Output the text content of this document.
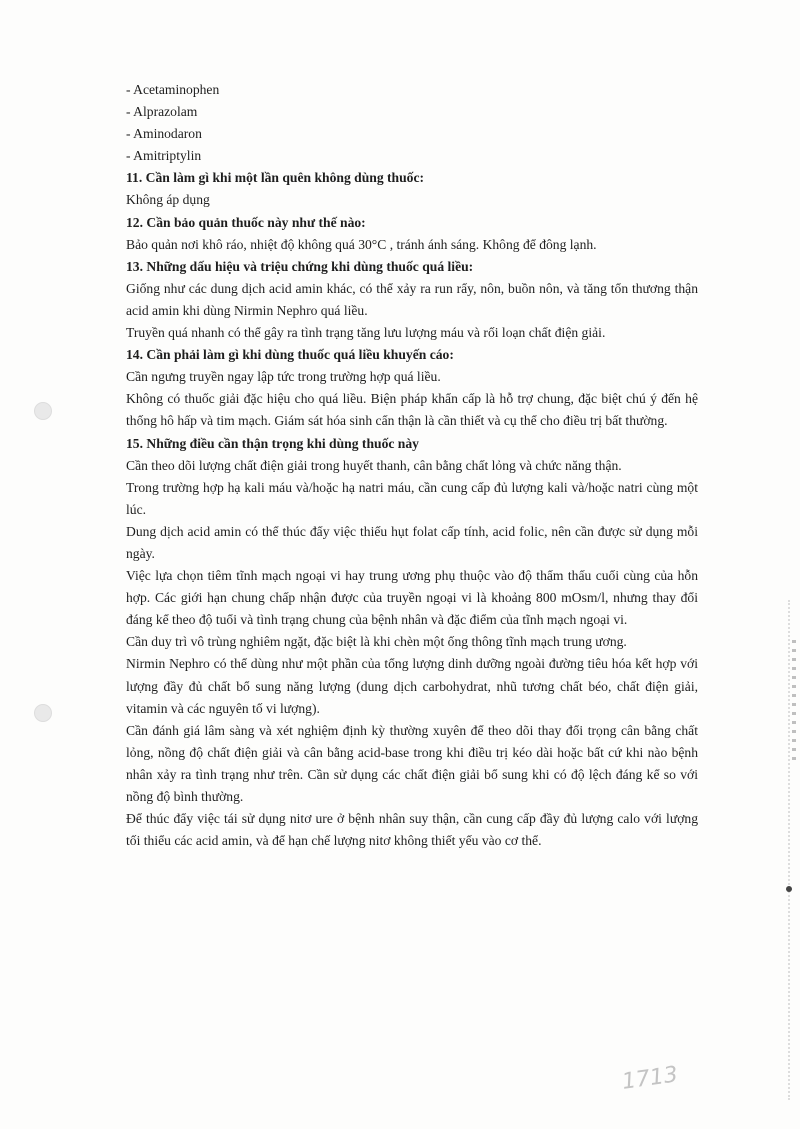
1713
- Acetaminophen
- Alprazolam
- Aminodaron
- Amitriptylin
11. Cần làm gì khi một lần quên không dùng thuốc:
Không áp dụng
12. Cần bảo quản thuốc này như thế nào:
Bảo quản nơi khô ráo, nhiệt độ không quá 30°C , tránh ánh sáng. Không để đông lạnh.
13. Những dấu hiệu và triệu chứng khi dùng thuốc quá liều:
Giống như các dung dịch acid amin khác, có thể xảy ra run rẩy, nôn, buồn nôn, và tăng tổn thương thận acid amin khi dùng Nirmin Nephro quá liều.
Truyền quá nhanh có thể gây ra tình trạng tăng lưu lượng máu và rối loạn chất điện giải.
14. Cần phải làm gì khi dùng thuốc quá liều khuyến cáo:
Cần ngưng truyền ngay lập tức trong trường hợp quá liều.
Không có thuốc giải đặc hiệu cho quá liều. Biện pháp khẩn cấp là hỗ trợ chung, đặc biệt chú ý đến hệ thống hô hấp và tim mạch. Giám sát hóa sinh cẩn thận là cần thiết và cụ thể cho điều trị bất thường.
15. Những điều cần thận trọng khi dùng thuốc này
Cần theo dõi lượng chất điện giải trong huyết thanh, cân bằng chất lỏng và chức năng thận.
Trong trường hợp hạ kali máu và/hoặc hạ natri máu, cần cung cấp đủ lượng kali và/hoặc natri cùng một lúc.
Dung dịch acid amin có thể thúc đẩy việc thiếu hụt folat cấp tính, acid folic, nên cần được sử dụng mỗi ngày.
Việc lựa chọn tiêm tĩnh mạch ngoại vi hay trung ương phụ thuộc vào độ thẩm thấu cuối cùng của hỗn hợp. Các giới hạn chung chấp nhận được của truyền ngoại vi là khoảng 800 mOsm/l, nhưng thay đổi đáng kể theo độ tuổi và tình trạng chung của bệnh nhân và đặc điểm của tĩnh mạch ngoại vi.
Cần duy trì vô trùng nghiêm ngặt, đặc biệt là khi chèn một ống thông tĩnh mạch trung ương.
Nirmin Nephro có thể dùng như một phần của tổng lượng dinh dưỡng ngoài đường tiêu hóa kết hợp với lượng đầy đủ chất bổ sung năng lượng (dung dịch carbohydrat, nhũ tương chất béo, chất điện giải, vitamin và các nguyên tố vi lượng).
Cần đánh giá lâm sàng và xét nghiệm định kỳ thường xuyên để theo dõi thay đổi trọng cân bằng chất lỏng, nồng độ chất điện giải và cân bằng acid-base trong khi điều trị kéo dài hoặc bất cứ khi nào bệnh nhân xảy ra tình trạng như trên. Cần sử dụng các chất điện giải bổ sung khi có độ lệch đáng kể so với nồng độ bình thường.
Để thúc đẩy việc tái sử dụng nitơ ure ở bệnh nhân suy thận, cần cung cấp đầy đủ lượng calo với lượng tối thiểu các acid amin, và để hạn chế lượng nitơ không thiết yếu vào cơ thể.
